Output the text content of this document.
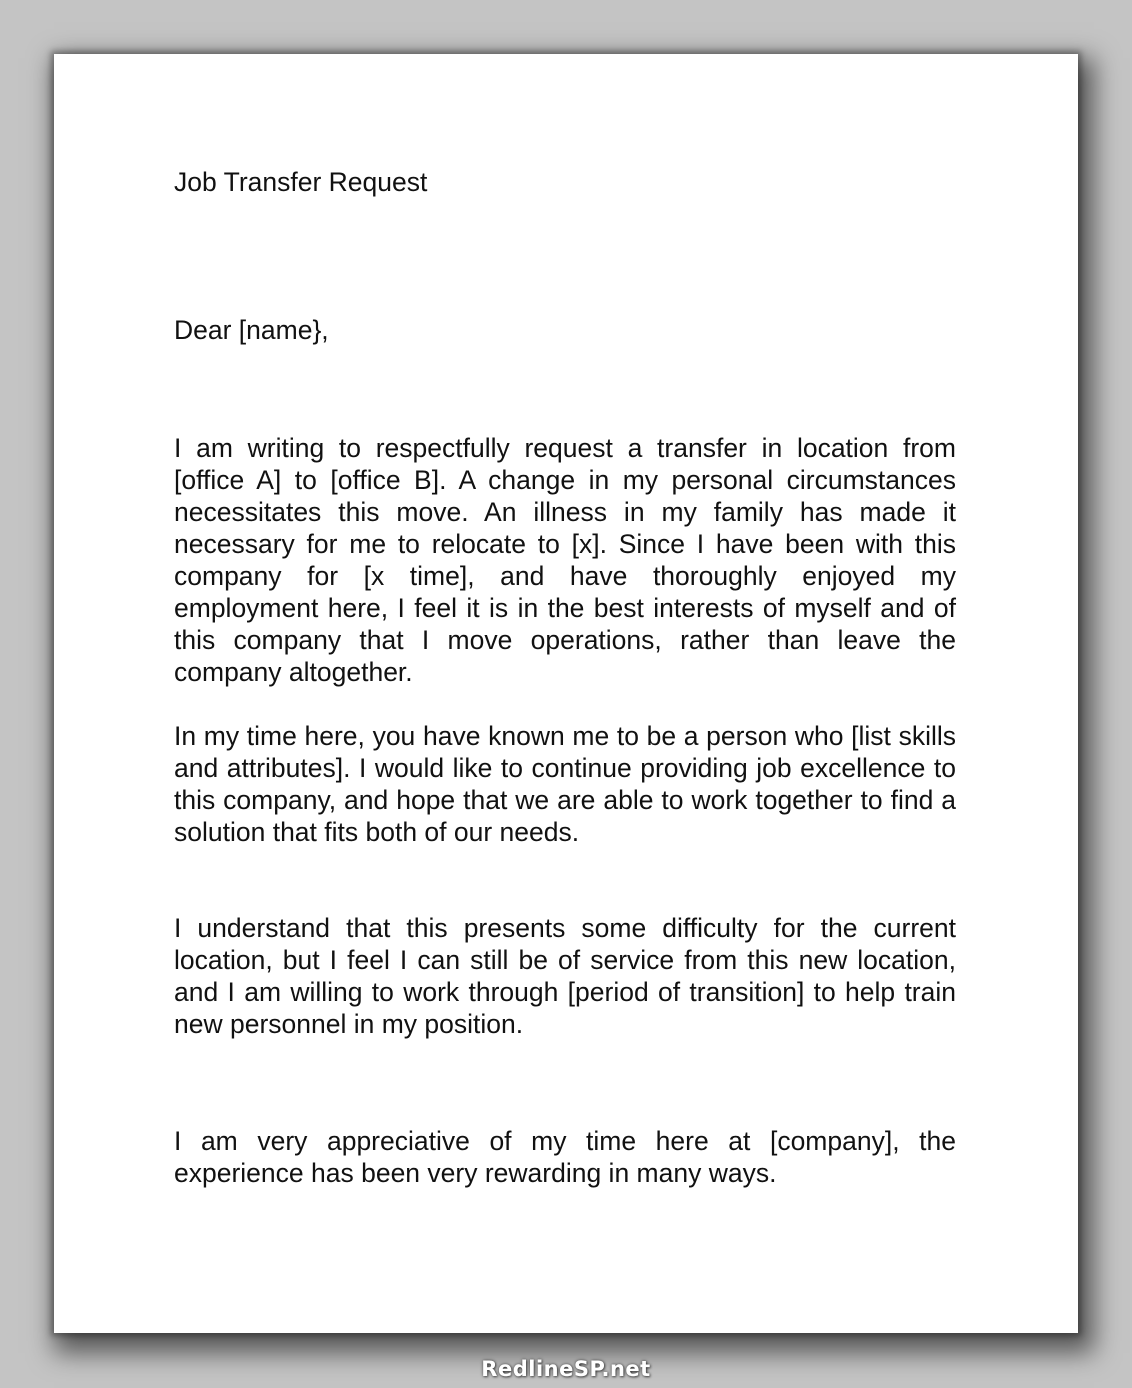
Job Transfer Request
Dear [name},

I am writing to respectfully request a transfer in location from [office A] to [office B]. A change in my personal circumstances necessitates this move. An illness in my family has made it necessary for me to relocate to [x]. Since I have been with this company for [x time], and have thoroughly enjoyed my employment here, I feel it is in the best interests of myself and of this company that I move operations, rather than leave the company altogether.

In my time here, you have known me to be a person who [list skills and attributes]. I would like to continue providing job excellence to this company, and hope that we are able to work together to find a solution that fits both of our needs.

I understand that this presents some difficulty for the current location, but I feel I can still be of service from this new location, and I am willing to work through [period of transition] to help train new personnel in my position.

I am very appreciative of my time here at [company], the experience has been very rewarding in many ways.

RedlineSP.net
